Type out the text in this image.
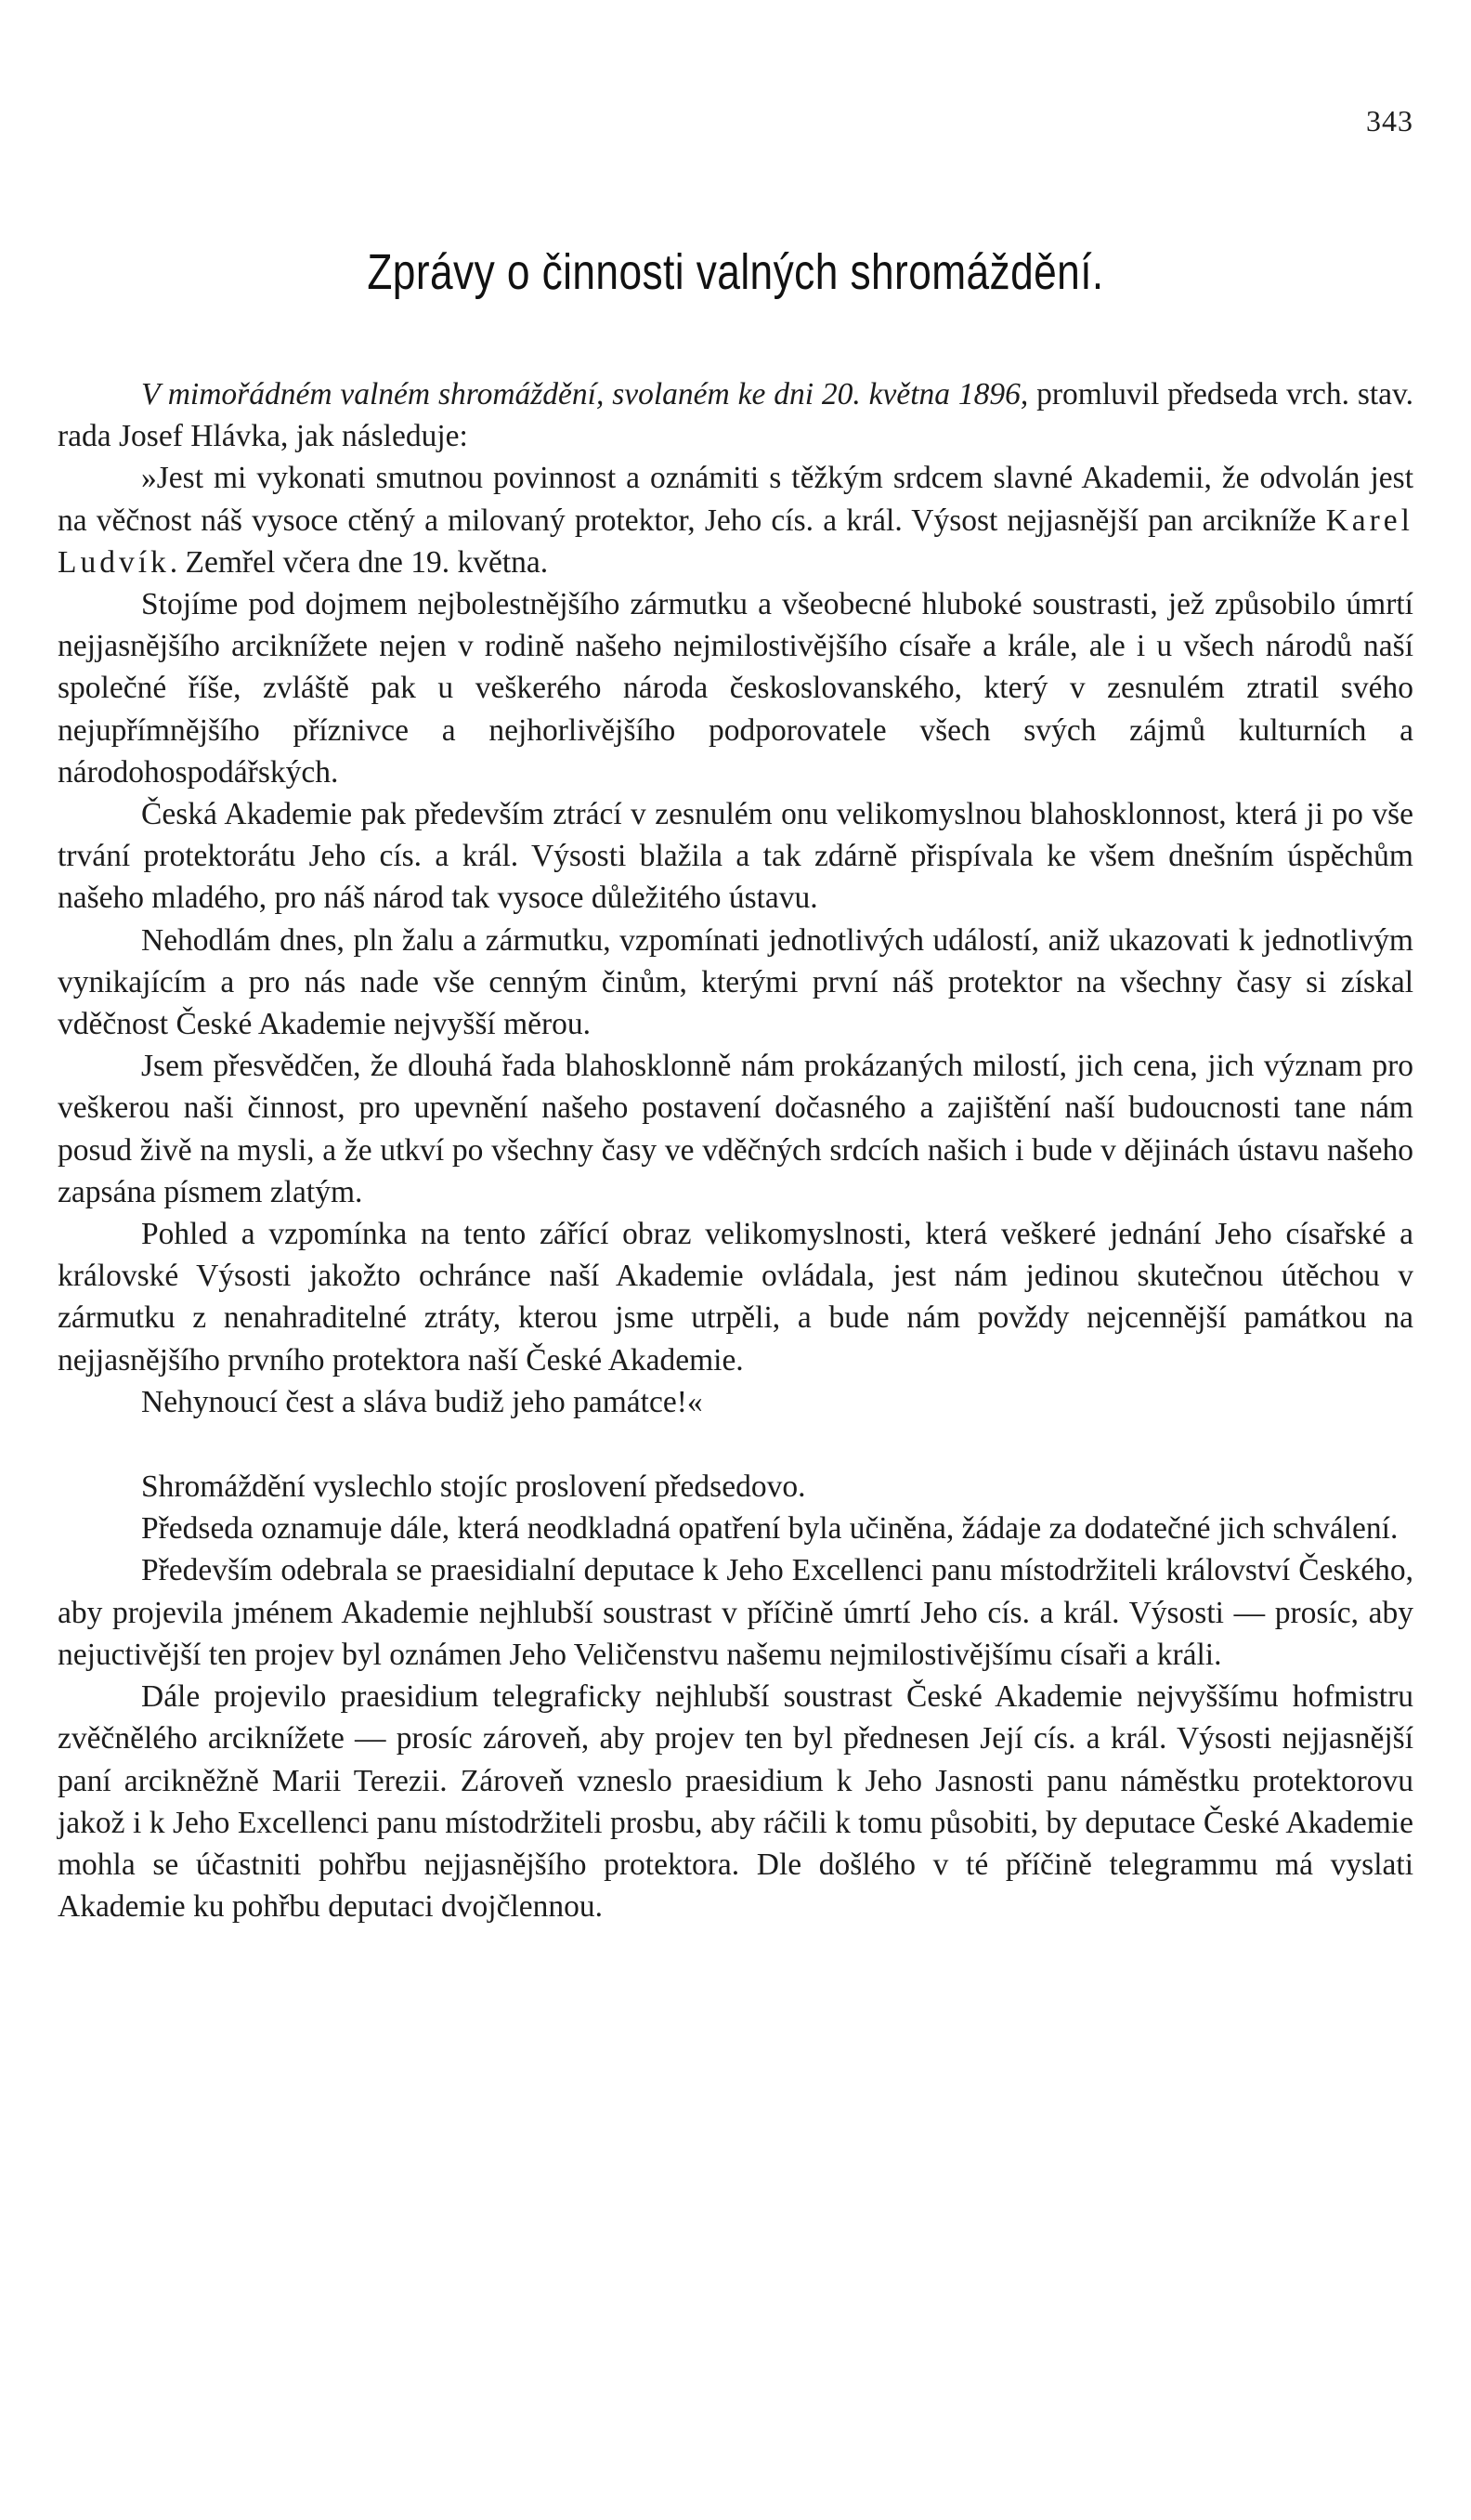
343
Zprávy o činnosti valných shromáždění.

V mimořádném valném shromáždění, svolaném ke dni 20. května 1896, promluvil předseda vrch. stav. rada Josef Hlávka, jak následuje:

»Jest mi vykonati smutnou povinnost a oznámiti s těžkým srdcem slavné Akademii, že odvolán jest na věčnost náš vysoce ctěný a milovaný protektor, Jeho cís. a král. Výsost nejjasnější pan arcikníže Karel Ludvík. Zemřel včera dne 19. května.

Stojíme pod dojmem nejbolestnějšího zármutku a všeobecné hluboké soustrasti, jež způsobilo úmrtí nejjasnějšího arciknížete nejen v rodině našeho nejmilostivějšího císaře a krále, ale i u všech národů naší společné říše, zvláště pak u veškerého národa českoslovanského, který v zesnulém ztratil svého nejupřímnějšího příznivce a nejhorlivějšího podporovatele všech svých zájmů kulturních a národohospodářských.

Česká Akademie pak především ztrácí v zesnulém onu velikomyslnou blahosklonnost, která ji po vše trvání protektorátu Jeho cís. a král. Výsosti blažila a tak zdárně přispívala ke všem dnešním úspěchům našeho mladého, pro náš národ tak vysoce důležitého ústavu.

Nehodlám dnes, pln žalu a zármutku, vzpomínati jednotlivých událostí, aniž ukazovati k jednotlivým vynikajícím a pro nás nade vše cenným činům, kterými první náš protektor na všechny časy si získal vděčnost České Akademie nejvyšší měrou.

Jsem přesvědčen, že dlouhá řada blahosklonně nám prokázaných milostí, jich cena, jich význam pro veškerou naši činnost, pro upevnění našeho postavení dočasného a zajištění naší budoucnosti tane nám posud živě na mysli, a že utkví po všechny časy ve vděčných srdcích našich i bude v dějinách ústavu našeho zapsána písmem zlatým.

Pohled a vzpomínka na tento zářící obraz velikomyslnosti, která veškeré jednání Jeho císařské a královské Výsosti jakožto ochránce naší Akademie ovládala, jest nám jedinou skutečnou útěchou v zármutku z nenahraditelné ztráty, kterou jsme utrpěli, a bude nám povždy nejcennější památkou na nejjasnějšího prvního protektora naší České Akademie.

Nehynoucí čest a sláva budiž jeho památce!«

Shromáždění vyslechlo stojíc proslovení předsedovo.

Předseda oznamuje dále, která neodkladná opatření byla učiněna, žádaje za dodatečné jich schválení.

Především odebrala se praesidialní deputace k Jeho Excellenci panu místodržiteli království Českého, aby projevila jménem Akademie nejhlubší soustrast v příčině úmrtí Jeho cís. a král. Výsosti — prosíc, aby nejuctivější ten projev byl oznámen Jeho Veličenstvu našemu nejmilostivějšímu císaři a králi.

Dále projevilo praesidium telegraficky nejhlubší soustrast České Akademie nejvyššímu hofmistru zvěčnělého arciknížete — prosíc zároveň, aby projev ten byl přednesen Její cís. a král. Výsosti nejjasnější paní arcikněžně Marii Terezii. Zároveň vzneslo praesidium k Jeho Jasnosti panu náměstku protektorovu jakož i k Jeho Excellenci panu místodržiteli prosbu, aby ráčili k tomu působiti, by deputace České Akademie mohla se účastniti pohřbu nejjasnějšího protektora. Dle došlého v té příčině telegrammu má vyslati Akademie ku pohřbu deputaci dvojčlennou.
